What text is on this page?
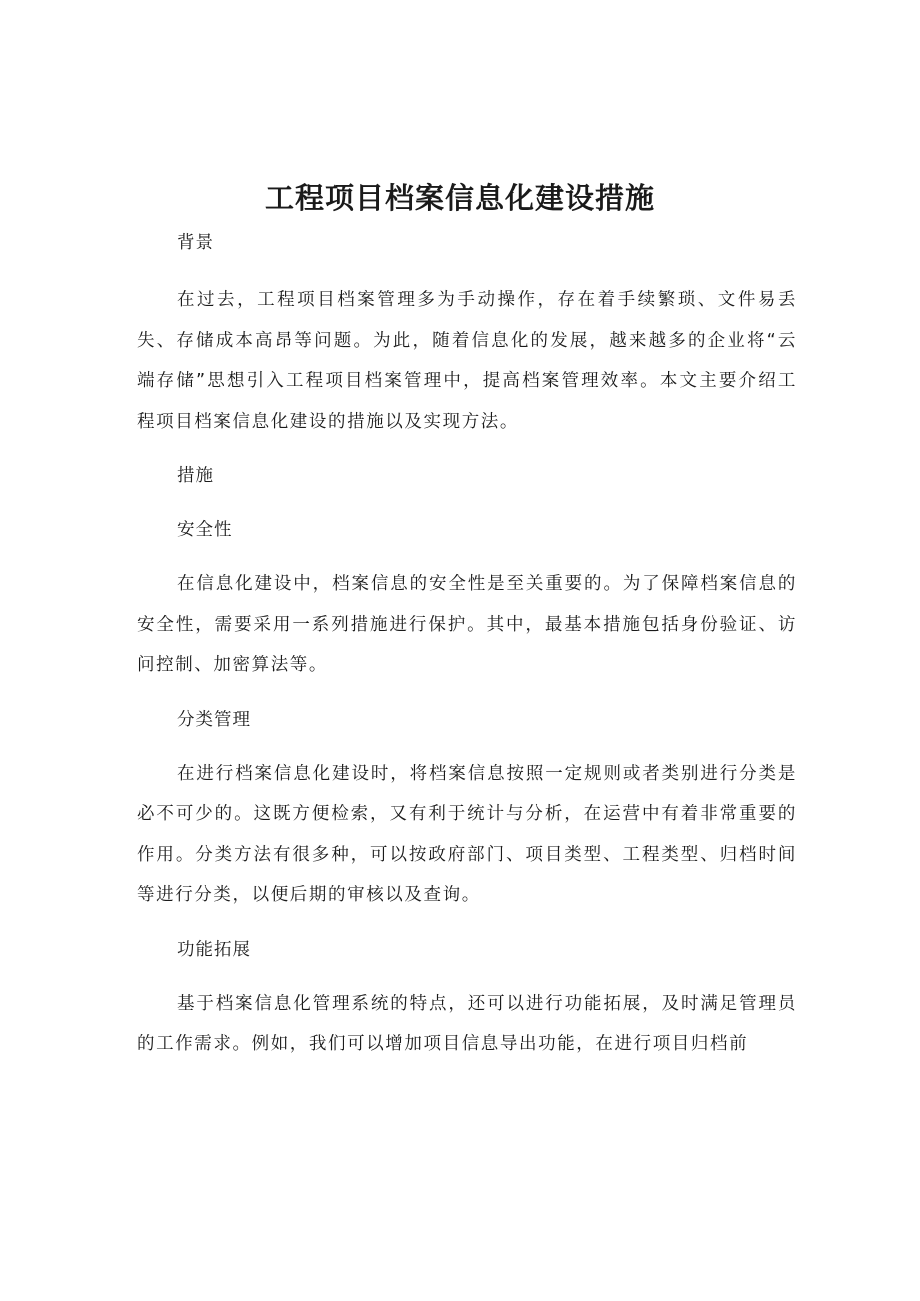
工程项目档案信息化建设措施

背景

在过去，工程项目档案管理多为手动操作，存在着手续繁琐、文件易丢失、存储成本高昂等问题。为此，随着信息化的发展，越来越多的企业将“云端存储”思想引入工程项目档案管理中，提高档案管理效率。本文主要介绍工程项目档案信息化建设的措施以及实现方法。

措施

安全性

在信息化建设中，档案信息的安全性是至关重要的。为了保障档案信息的安全性，需要采用一系列措施进行保护。其中，最基本措施包括身份验证、访问控制、加密算法等。

分类管理

在进行档案信息化建设时，将档案信息按照一定规则或者类别进行分类是必不可少的。这既方便检索，又有利于统计与分析，在运营中有着非常重要的作用。分类方法有很多种，可以按政府部门、项目类型、工程类型、归档时间等进行分类，以便后期的审核以及查询。

功能拓展

基于档案信息化管理系统的特点，还可以进行功能拓展，及时满足管理员的工作需求。例如，我们可以增加项目信息导出功能，在进行项目归档前
